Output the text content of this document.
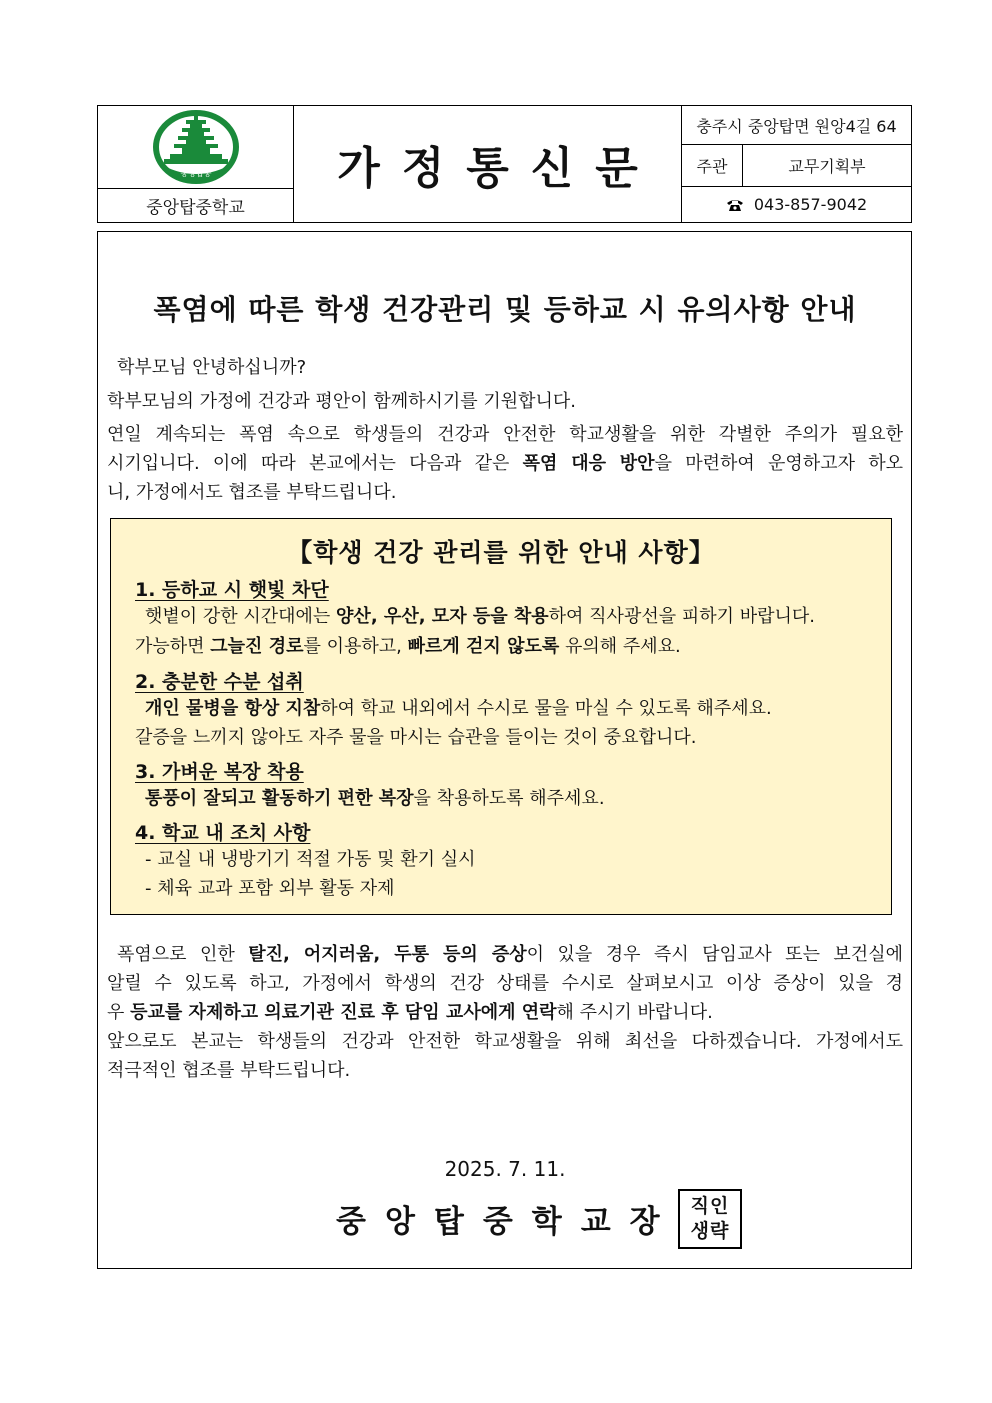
중앙탑중
중앙탑중학교
가정통신문
충주시 중앙탑면 원앙4길 64
주관	교무기획부
043-857-9042
폭염에 따른 학생 건강관리 및 등하교 시 유의사항 안내
학부모님 안녕하십니까?
학부모님의 가정에 건강과 평안이 함께하시기를 기원합니다.
연일 계속되는 폭염 속으로 학생들의 건강과 안전한 학교생활을 위한 각별한 주의가 필요한
시기입니다. 이에 따라 본교에서는 다음과 같은 폭염 대응 방안을 마련하여 운영하고자 하오
니, 가정에서도 협조를 부탁드립니다.
【학생 건강 관리를 위한 안내 사항】
1. 등하교 시 햇빛 차단
햇볕이 강한 시간대에는 양산, 우산, 모자 등을 착용하여 직사광선을 피하기 바랍니다.
가능하면 그늘진 경로를 이용하고, 빠르게 걷지 않도록 유의해 주세요.
2. 충분한 수분 섭취
개인 물병을 항상 지참하여 학교 내외에서 수시로 물을 마실 수 있도록 해주세요.
갈증을 느끼지 않아도 자주 물을 마시는 습관을 들이는 것이 중요합니다.
3. 가벼운 복장 착용
통풍이 잘되고 활동하기 편한 복장을 착용하도록 해주세요.
4. 학교 내 조치 사항
- 교실 내 냉방기기 적절 가동 및 환기 실시
- 체육 교과 포함 외부 활동 자제
폭염으로 인한 탈진, 어지러움, 두통 등의 증상이 있을 경우 즉시 담임교사 또는 보건실에
알릴 수 있도록 하고, 가정에서 학생의 건강 상태를 수시로 살펴보시고 이상 증상이 있을 경
우 등교를 자제하고 의료기관 진료 후 담임 교사에게 연락해 주시기 바랍니다.
앞으로도 본교는 학생들의 건강과 안전한 학교생활을 위해 최선을 다하겠습니다. 가정에서도
적극적인 협조를 부탁드립니다.
2025. 7. 11.
중앙탑중학교장 직인
생략
